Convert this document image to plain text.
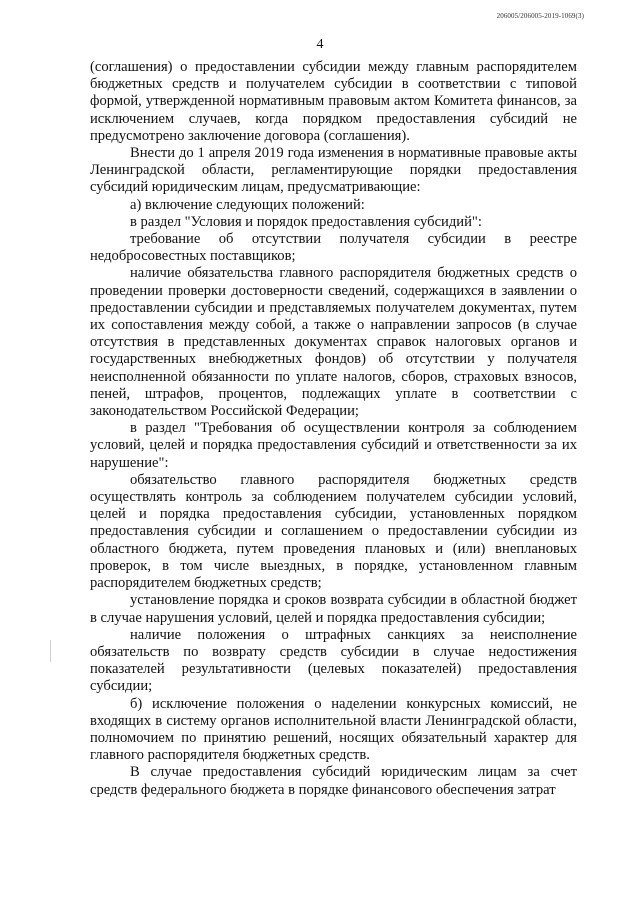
206005/206005-2019-1069(3)
4

(соглашения) о предоставлении субсидии между главным распорядителем бюджетных средств и получателем субсидии в соответствии с типовой формой, утвержденной нормативным правовым актом Комитета финансов, за исключением случаев, когда порядком предоставления субсидий не предусмотрено заключение договора (соглашения).

Внести до 1 апреля 2019 года изменения в нормативные правовые акты Ленинградской области, регламентирующие порядки предоставления субсидий юридическим лицам, предусматривающие:

а) включение следующих положений:

в раздел "Условия и порядок предоставления субсидий":

требование об отсутствии получателя субсидии в реестре недобросовестных поставщиков;

наличие обязательства главного распорядителя бюджетных средств о проведении проверки достоверности сведений, содержащихся в заявлении о предоставлении субсидии и представляемых получателем документах, путем их сопоставления между собой, а также о направлении запросов (в случае отсутствия в представленных документах справок налоговых органов и государственных внебюджетных фондов) об отсутствии у получателя неисполненной обязанности по уплате налогов, сборов, страховых взносов, пеней, штрафов, процентов, подлежащих уплате в соответствии с законодательством Российской Федерации;

в раздел "Требования об осуществлении контроля за соблюдением условий, целей и порядка предоставления субсидий и ответственности за их нарушение":

обязательство главного распорядителя бюджетных средств осуществлять контроль за соблюдением получателем субсидии условий, целей и порядка предоставления субсидии, установленных порядком предоставления субсидии и соглашением о предоставлении субсидии из областного бюджета, путем проведения плановых и (или) внеплановых проверок, в том числе выездных, в порядке, установленном главным распорядителем бюджетных средств;

установление порядка и сроков возврата субсидии в областной бюджет в случае нарушения условий, целей и порядка предоставления субсидии;

наличие положения о штрафных санкциях за неисполнение обязательств по возврату средств субсидии в случае недостижения показателей результативности (целевых показателей) предоставления субсидии;

б) исключение положения о наделении конкурсных комиссий, не входящих в систему органов исполнительной власти Ленинградской области, полномочием по принятию решений, носящих обязательный характер для главного распорядителя бюджетных средств.

В случае предоставления субсидий юридическим лицам за счет средств федерального бюджета в порядке финансового обеспечения затрат
